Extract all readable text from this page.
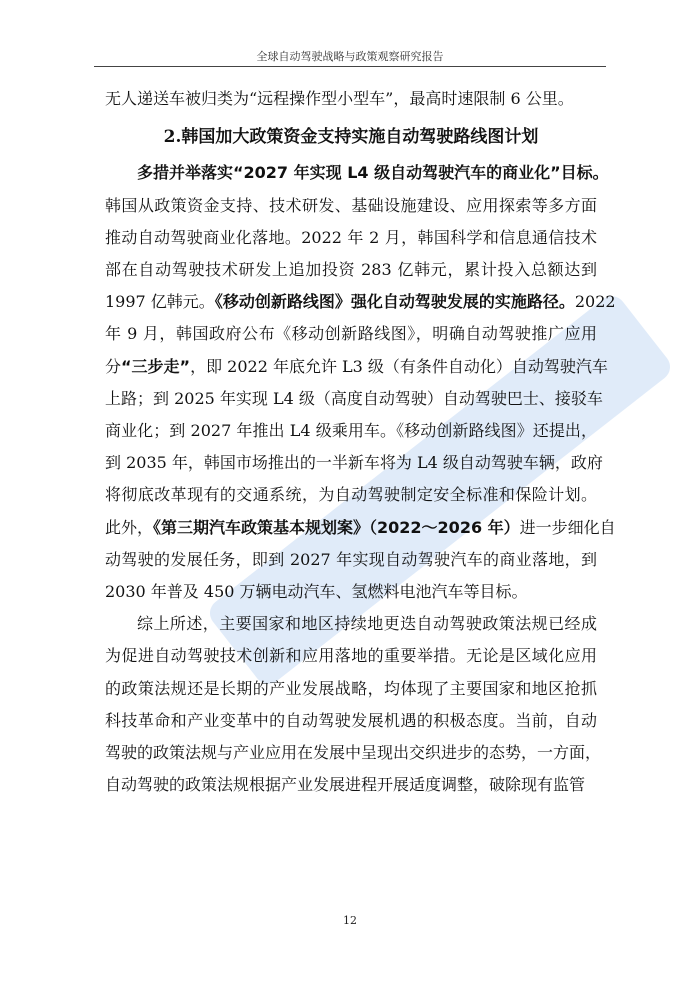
全球自动驾驶战略与政策观察研究报告
无人递送车被归类为“远程操作型小型车”，最高时速限制 6 公里。
2.韩国加大政策资金支持实施自动驾驶路线图计划
多措并举落实“2027 年实现 L4 级自动驾驶汽车的商业化”目标。
韩国从政策资金支持、技术研发、基础设施建设、应用探索等多方面
推动自动驾驶商业化落地。2022 年 2 月，韩国科学和信息通信技术
部在自动驾驶技术研发上追加投资 283 亿韩元，累计投入总额达到
1997 亿韩元。《移动创新路线图》强化自动驾驶发展的实施路径。2022
年 9 月，韩国政府公布《移动创新路线图》，明确自动驾驶推广应用
分“三步走”，即 2022 年底允许 L3 级（有条件自动化）自动驾驶汽车
上路；到 2025 年实现 L4 级（高度自动驾驶）自动驾驶巴士、接驳车
商业化；到 2027 年推出 L4 级乘用车。《移动创新路线图》还提出，
到 2035 年，韩国市场推出的一半新车将为 L4 级自动驾驶车辆，政府
将彻底改革现有的交通系统，为自动驾驶制定安全标准和保险计划。
此外，《第三期汽车政策基本规划案》（2022～2026 年）进一步细化自
动驾驶的发展任务，即到 2027 年实现自动驾驶汽车的商业落地，到
2030 年普及 450 万辆电动汽车、氢燃料电池汽车等目标。
综上所述，主要国家和地区持续地更迭自动驾驶政策法规已经成
为促进自动驾驶技术创新和应用落地的重要举措。无论是区域化应用
的政策法规还是长期的产业发展战略，均体现了主要国家和地区抢抓
科技革命和产业变革中的自动驾驶发展机遇的积极态度。当前，自动
驾驶的政策法规与产业应用在发展中呈现出交织进步的态势，一方面，
自动驾驶的政策法规根据产业发展进程开展适度调整，破除现有监管
12
